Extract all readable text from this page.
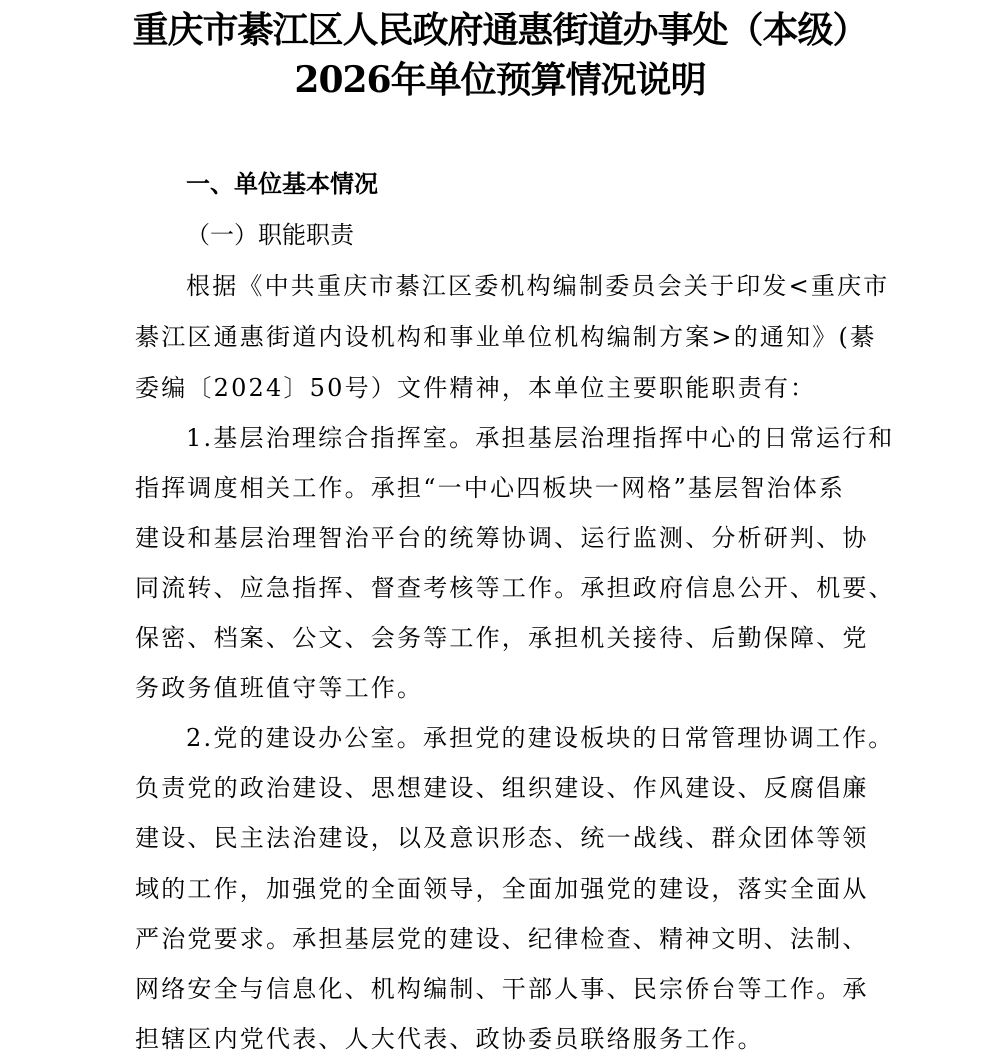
重庆市綦江区人民政府通惠街道办事处（本级）
2026年单位预算情况说明
一、单位基本情况
（一）职能职责
根据《中共重庆市綦江区委机构编制委员会关于印发<重庆市
綦江区通惠街道内设机构和事业单位机构编制方案>的通知》(綦
委编〔2024〕50号）文件精神，本单位主要职能职责有：
1.基层治理综合指挥室。承担基层治理指挥中心的日常运行和
指挥调度相关工作。承担“一中心四板块一网格”基层智治体系
建设和基层治理智治平台的统筹协调、运行监测、分析研判、协
同流转、应急指挥、督查考核等工作。承担政府信息公开、机要、
保密、档案、公文、会务等工作，承担机关接待、后勤保障、党
务政务值班值守等工作。
2.党的建设办公室。承担党的建设板块的日常管理协调工作。
负责党的政治建设、思想建设、组织建设、作风建设、反腐倡廉
建设、民主法治建设，以及意识形态、统一战线、群众团体等领
域的工作，加强党的全面领导，全面加强党的建设，落实全面从
严治党要求。承担基层党的建设、纪律检查、精神文明、法制、
网络安全与信息化、机构编制、干部人事、民宗侨台等工作。承
担辖区内党代表、人大代表、政协委员联络服务工作。
